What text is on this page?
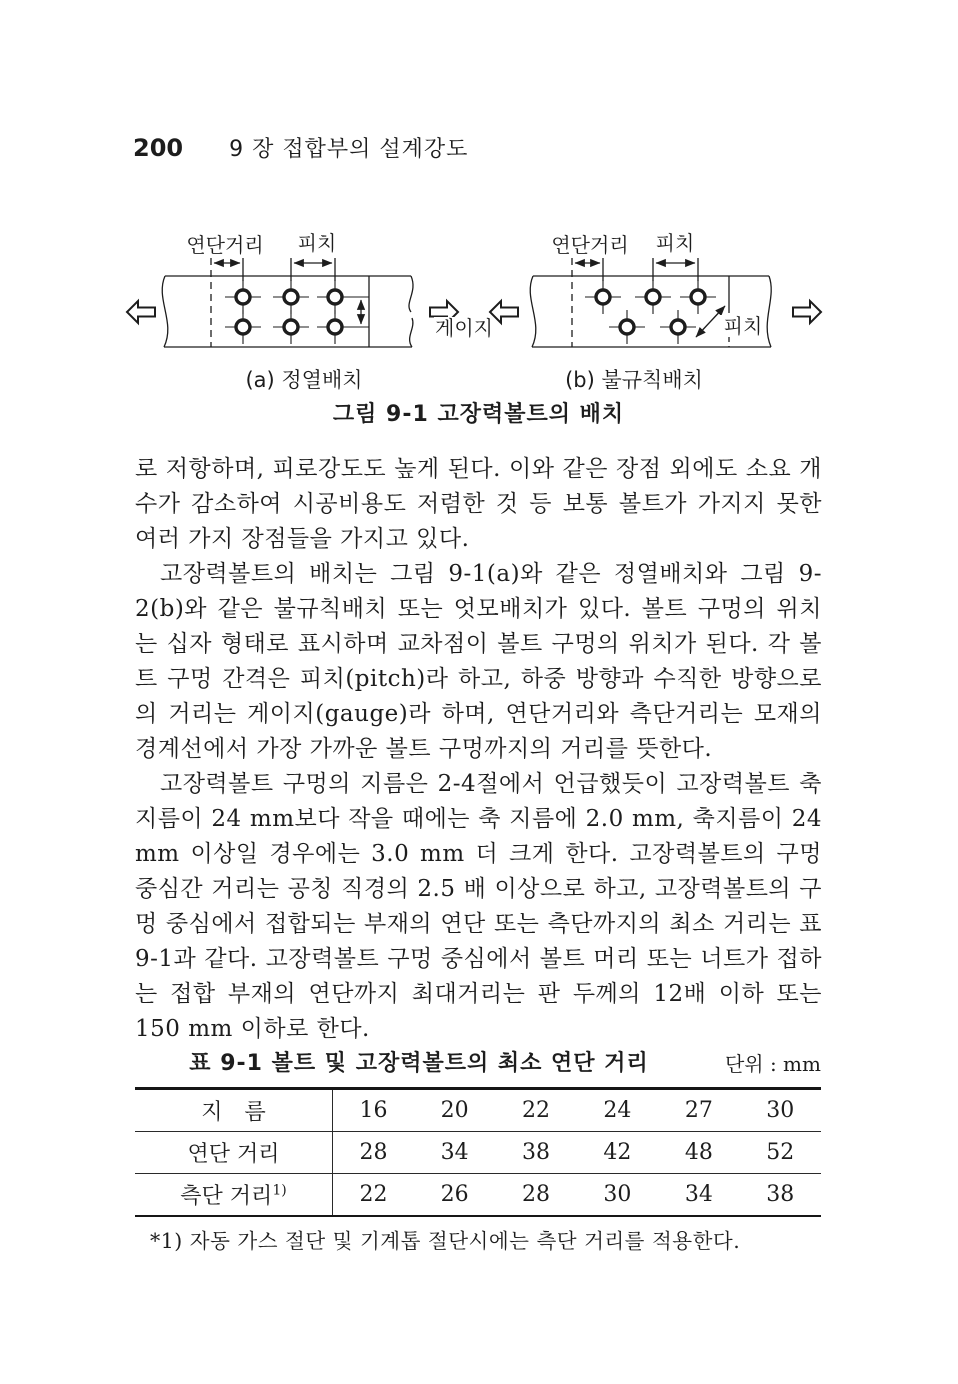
200 9 장 접합부의 설계강도
연단거리 피치
게이지
(a) 정열배치
연단거리 피치
피치
(b) 불규칙배치
그림 9-1 고장력볼트의 배치

로 저항하며, 피로강도도 높게 된다. 이와 같은 장점 외에도 소요 개수가 감소하여 시공비용도 저렴한 것 등 보통 볼트가 가지지 못한 여러 가지 장점들을 가지고 있다.

고장력볼트의 배치는 그림 9-1(a)와 같은 정열배치와 그림 9-2(b)와 같은 불규칙배치 또는 엇모배치가 있다. 볼트 구멍의 위치는 십자 형태로 표시하며 교차점이 볼트 구멍의 위치가 된다. 각 볼트 구멍 간격은 피치(pitch)라 하고, 하중 방향과 수직한 방향으로의 거리는 게이지(gauge)라 하며, 연단거리와 측단거리는 모재의 경계선에서 가장 가까운 볼트 구멍까지의 거리를 뜻한다.

고장력볼트 구멍의 지름은 2-4절에서 언급했듯이 고장력볼트 축지름이 24 mm보다 작을 때에는 축 지름에 2.0 mm, 축지름이 24 mm 이상일 경우에는 3.0 mm 더 크게 한다. 고장력볼트의 구멍 중심간 거리는 공칭 직경의 2.5 배 이상으로 하고, 고장력볼트의 구멍 중심에서 접합되는 부재의 연단 또는 측단까지의 최소 거리는 표 9-1과 같다. 고장력볼트 구멍 중심에서 볼트 머리 또는 너트가 접하는 접합 부재의 연단까지 최대거리는 판 두께의 12배 이하 또는 150 mm 이하로 한다.

표 9-1 볼트 및 고장력볼트의 최소 연단 거리	단위 : mm
지　름	16	20	22	24	27	30
연단 거리	28	34	38	42	48	52
측단 거리$^{1)}$	22	26	28	30	34	38
*1) 자동 가스 절단 및 기계톱 절단시에는 측단 거리를 적용한다.
